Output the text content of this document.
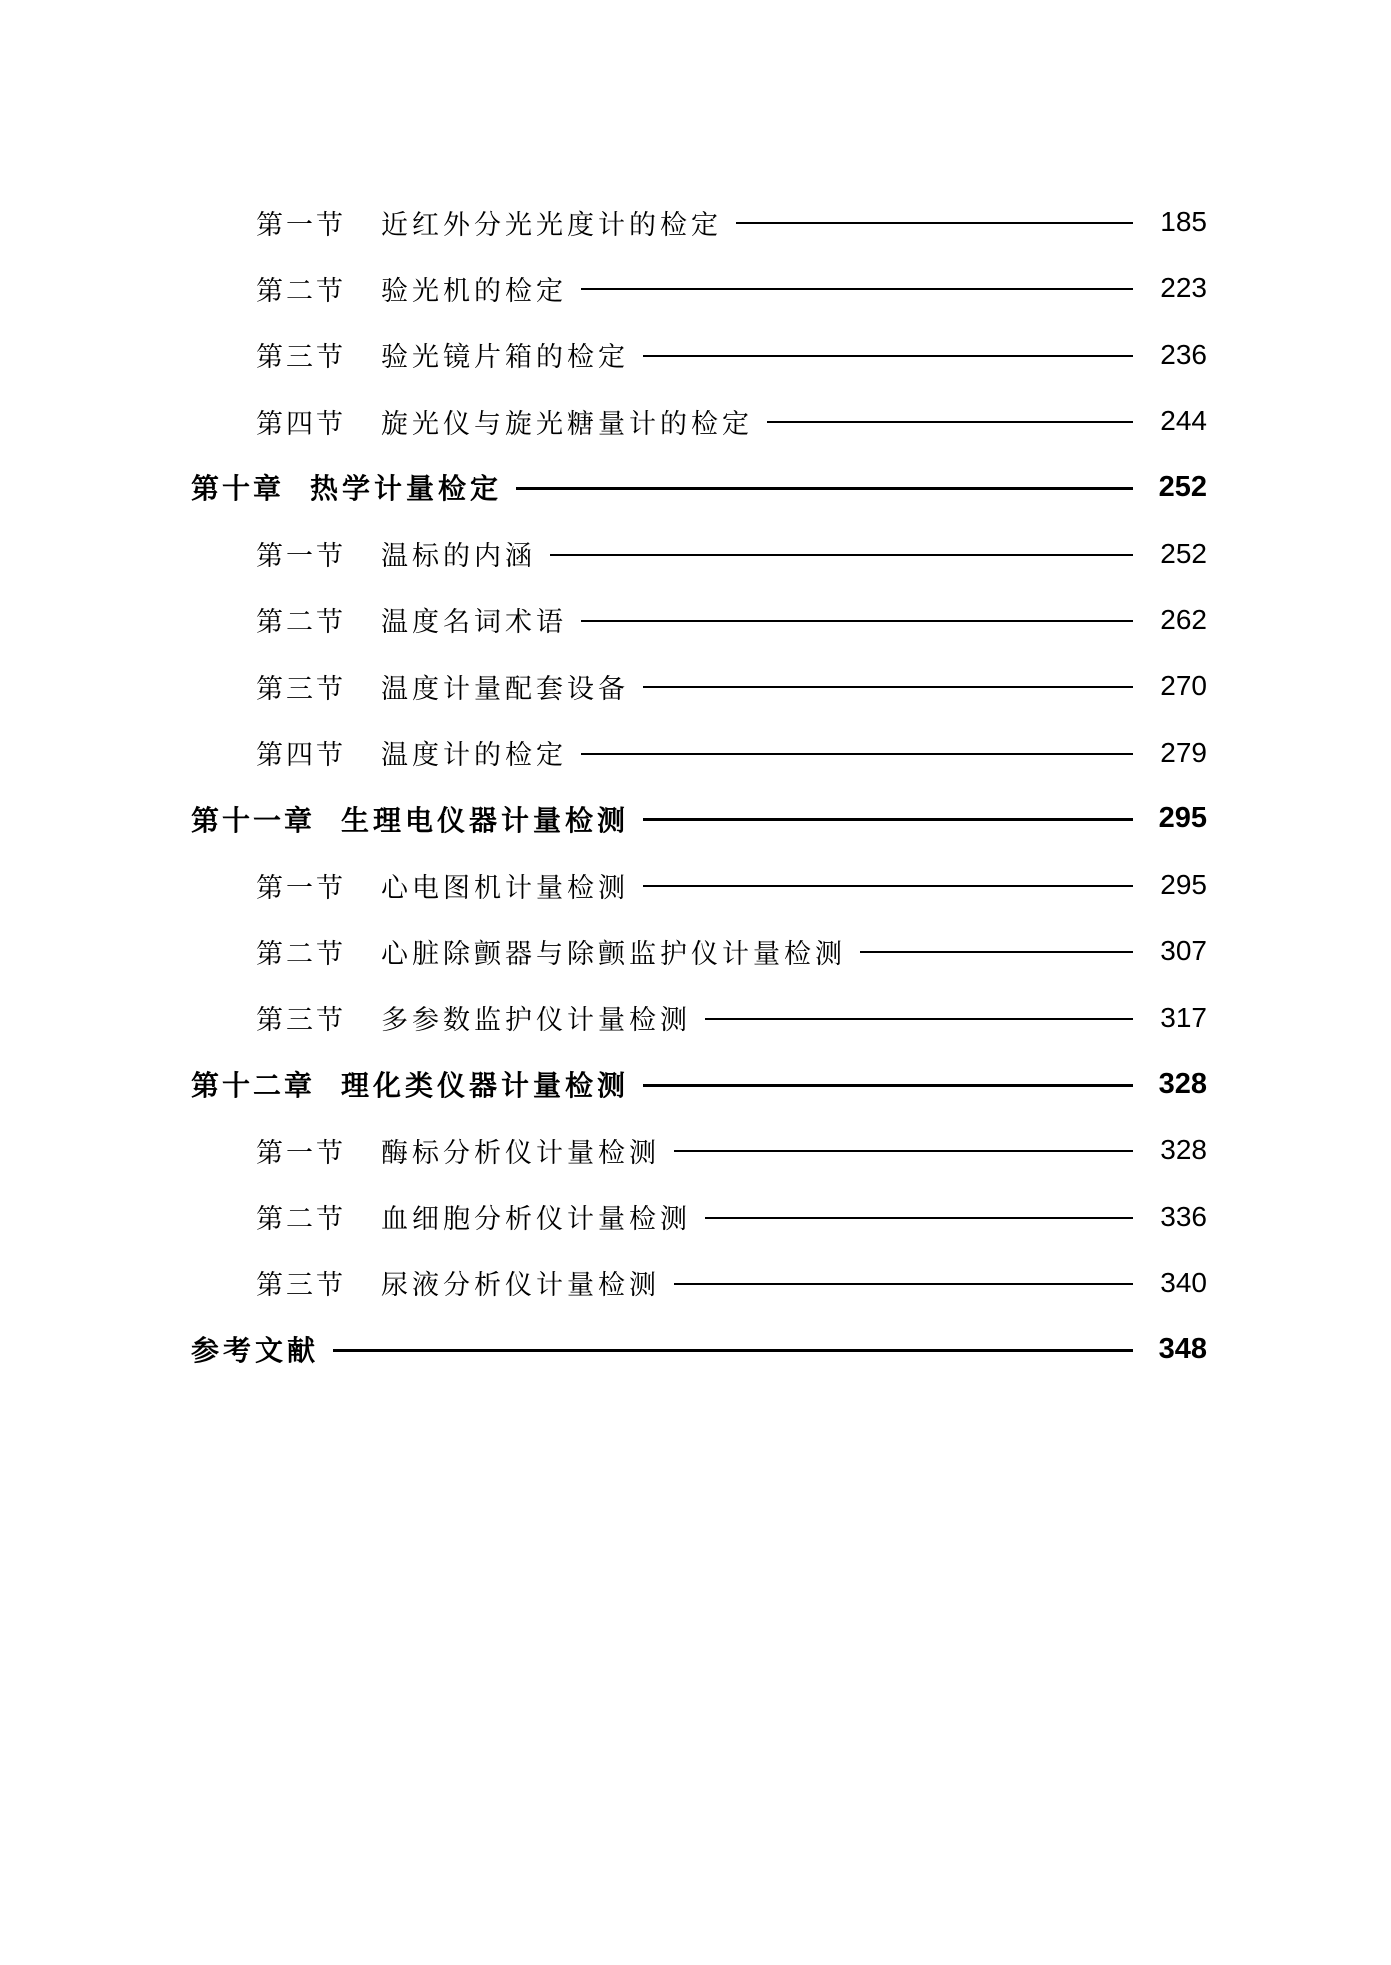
第一节	近红外分光光度计的检定	185
第二节	验光机的检定	223
第三节	验光镜片箱的检定	236
第四节	旋光仪与旋光糖量计的检定	244
第十章 热学计量检定	252
第一节	温标的内涵	252
第二节	温度名词术语	262
第三节	温度计量配套设备	270
第四节	温度计的检定	279
第十一章 生理电仪器计量检测	295
第一节	心电图机计量检测	295
第二节	心脏除颤器与除颤监护仪计量检测	307
第三节	多参数监护仪计量检测	317
第十二章 理化类仪器计量检测	328
第一节	酶标分析仪计量检测	328
第二节	血细胞分析仪计量检测	336
第三节	尿液分析仪计量检测	340
参考文献	348
